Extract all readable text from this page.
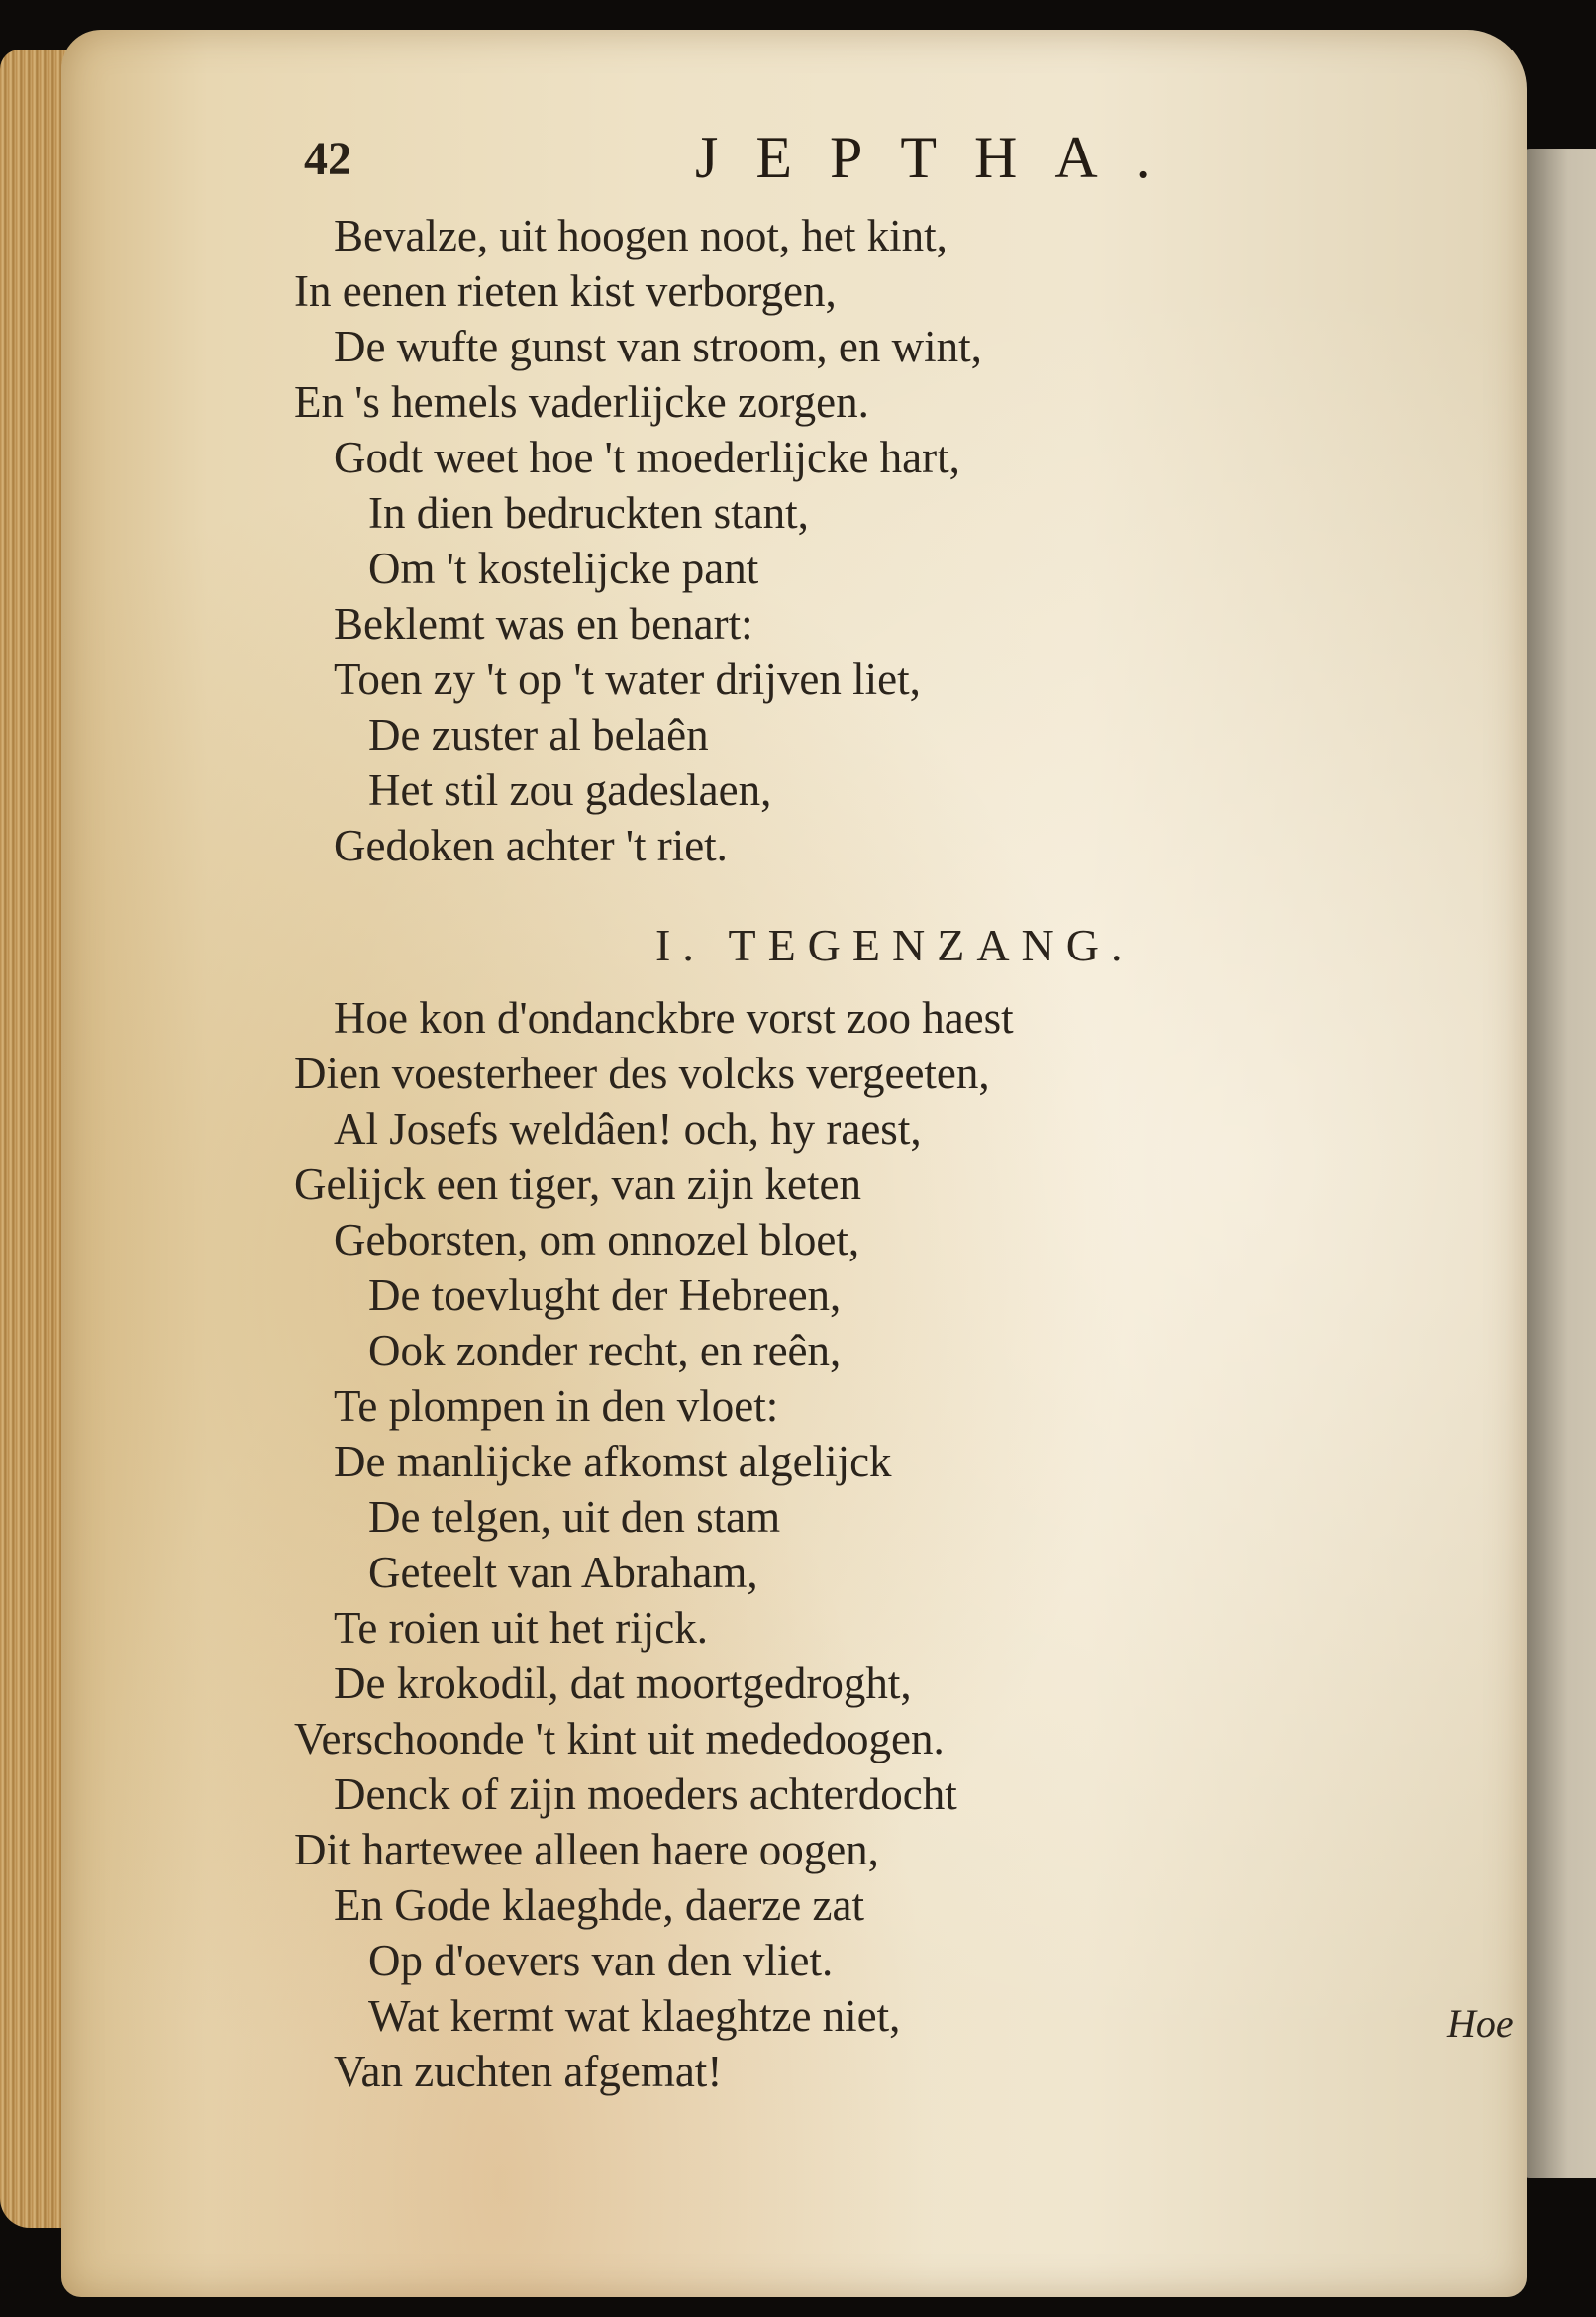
42	JEPTHA.
Bevalze, uit hoogen noot, het kint,
In eenen rieten kist verborgen,
De wufte gunst van stroom, en wint,
En 's hemels vaderlijcke zorgen.
Godt weet hoe 't moederlijcke hart,
In dien bedruckten stant,
Om 't kostelijcke pant
Beklemt was en benart:
Toen zy 't op 't water drijven liet,
De zuster al belaên
Het stil zou gadeslaen,
Gedoken achter 't riet.
I. TEGENZANG.
Hoe kon d'ondanckbre vorst zoo haest
Dien voesterheer des volcks vergeeten,
Al Josefs weldâen! och, hy raest,
Gelijck een tiger, van zijn keten
Geborsten, om onnozel bloet,
De toevlught der Hebreen,
Ook zonder recht, en reên,
Te plompen in den vloet:
De manlijcke afkomst algelijck
De telgen, uit den stam
Geteelt van Abraham,
Te roien uit het rijck.
De krokodil, dat moortgedroght,
Verschoonde 't kint uit mededoogen.
Denck of zijn moeders achterdocht
Dit hartewee alleen haere oogen,
En Gode klaeghde, daerze zat
Op d'oevers van den vliet.
Wat kermt wat klaeghtze niet,
Van zuchten afgemat!
Hoe
